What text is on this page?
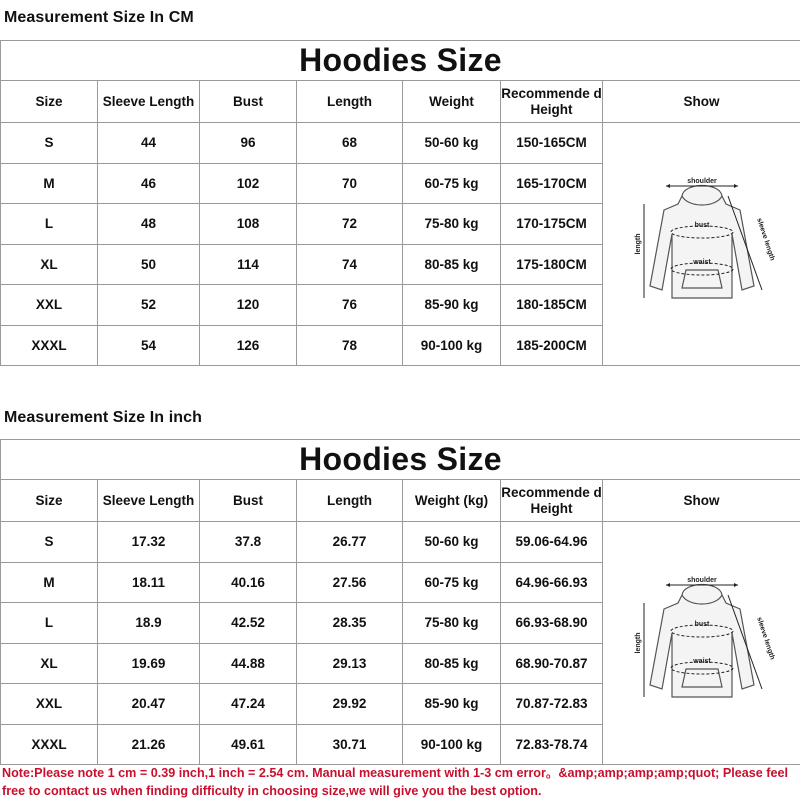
Measurement Size In CM
Hoodies Size						
Size	Sleeve Length	Bust	Length	Weight	Recommende d Height	Show
S	44	96	68	50-60 kg	150-165CM	shoulder
bust
waist
length sleeve length

M	46	102	70	60-75 kg	165-170CM	
L	48	108	72	75-80 kg	170-175CM	
XL	50	114	74	80-85 kg	175-180CM	
XXL	52	120	76	85-90 kg	180-185CM	
XXXL	54	126	78	90-100 kg	185-200CM	
Measurement Size In inch
Hoodies Size						
Size	Sleeve Length	Bust	Length	Weight (kg)	Recommende d Height	Show
S	17.32	37.8	26.77	50-60 kg	59.06-64.96	shoulder
bust
waist
length sleeve length

M	18.11	40.16	27.56	60-75 kg	64.96-66.93	
L	18.9	42.52	28.35	75-80 kg	66.93-68.90	
XL	19.69	44.88	29.13	80-85 kg	68.90-70.87	
XXL	20.47	47.24	29.92	85-90 kg	70.87-72.83	
XXXL	21.26	49.61	30.71	90-100 kg	72.83-78.74	
Note:Please note 1 cm = 0.39 inch,1 inch = 2.54 cm. Manual measurement with 1-3 cm error。&amp;amp;amp;amp;quot; Please feel free to contact us when finding difficulty in choosing size,we will give you the best option.
